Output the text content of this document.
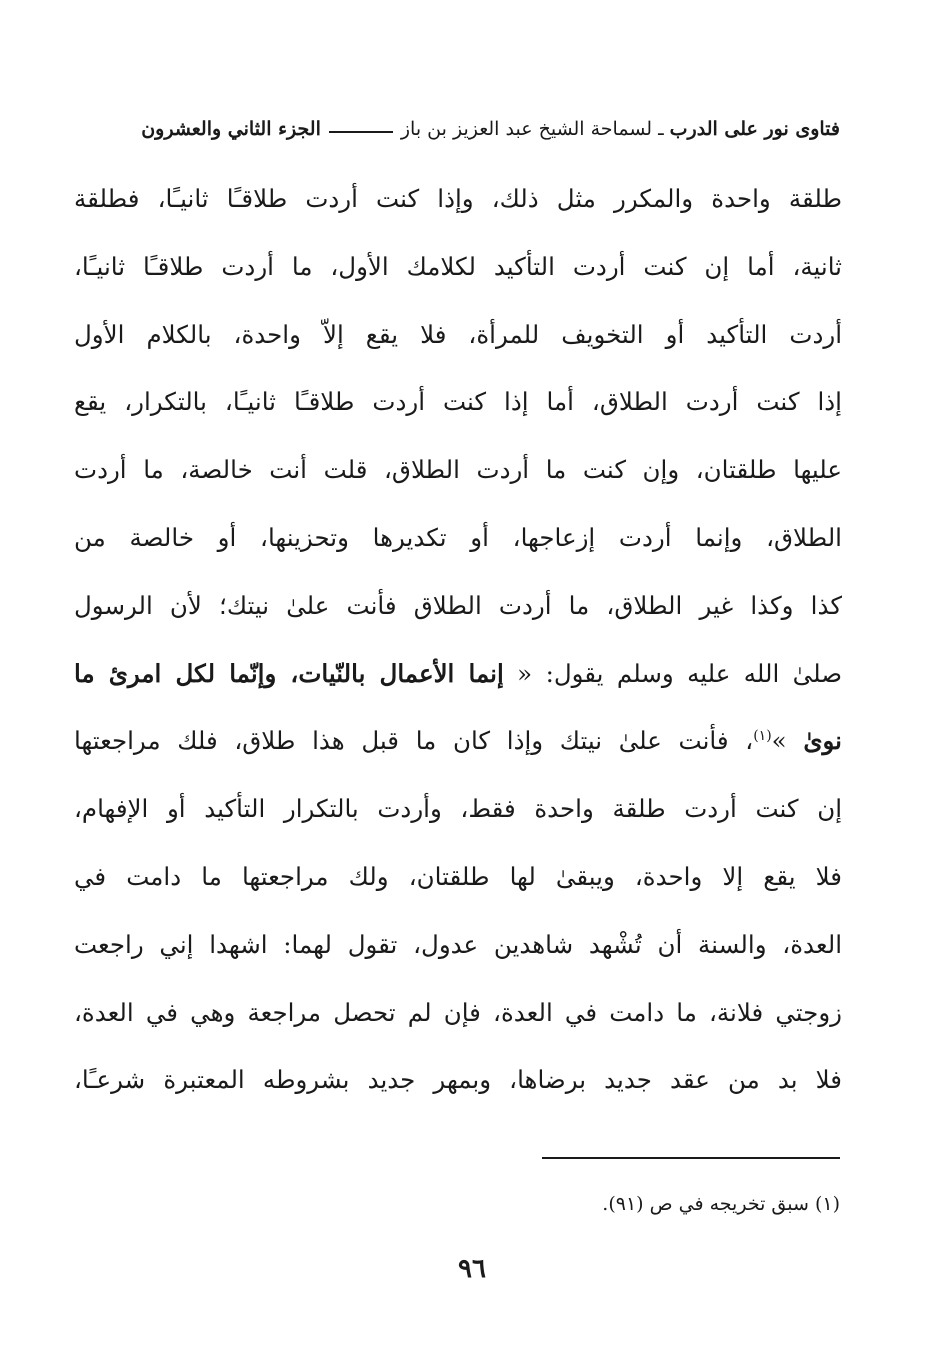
فتاوى نور على الدرب
ـ
لسماحة الشيخ عبد العزيز بن باز
الجزء الثاني والعشرون
طلقة واحدة والمكرر مثل ذلك، وإذا كنت أردت طلاقـًا ثانيـًا، فطلقة
ثانية، أما إن كنت أردت التأكيد لكلامك الأول، ما أردت طلاقـًا ثانيـًا،
أردت التأكيد أو التخويف للمرأة، فلا يقع إلاّ واحدة، بالكلام الأول
إذا كنت أردت الطلاق، أما إذا كنت أردت طلاقـًا ثانيـًا، بالتكرار، يقع
عليها طلقتان، وإن كنت ما أردت الطلاق، قلت أنت خالصة، ما أردت
الطلاق، وإنما أردت إزعاجها، أو تكديرها وتحزينها، أو خالصة من
كذا وكذا غير الطلاق، ما أردت الطلاق فأنت علىٰ نيتك؛ لأن الرسول
صلىٰ الله عليه وسلم يقول: « إنما الأعمال بالنّيات، وإنّما لكل امرئ ما
نوىٰ »$^{(١)}$، فأنت علىٰ نيتك وإذا كان ما قبل هذا طلاق، فلك مراجعتها
إن كنت أردت طلقة واحدة فقط، وأردت بالتكرار التأكيد أو الإفهام،
فلا يقع إلا واحدة، ويبقىٰ لها طلقتان، ولك مراجعتها ما دامت في
العدة، والسنة أن تُشْهد شاهدين عدول، تقول لهما: اشهدا إني راجعت
زوجتي فلانة، ما دامت في العدة، فإن لم تحصل مراجعة وهي في العدة،
فلا بد من عقد جديد برضاها، وبمهر جديد بشروطه المعتبرة شرعـًا،
(١) سبق تخريجه في ص (٩١).
٩٦
